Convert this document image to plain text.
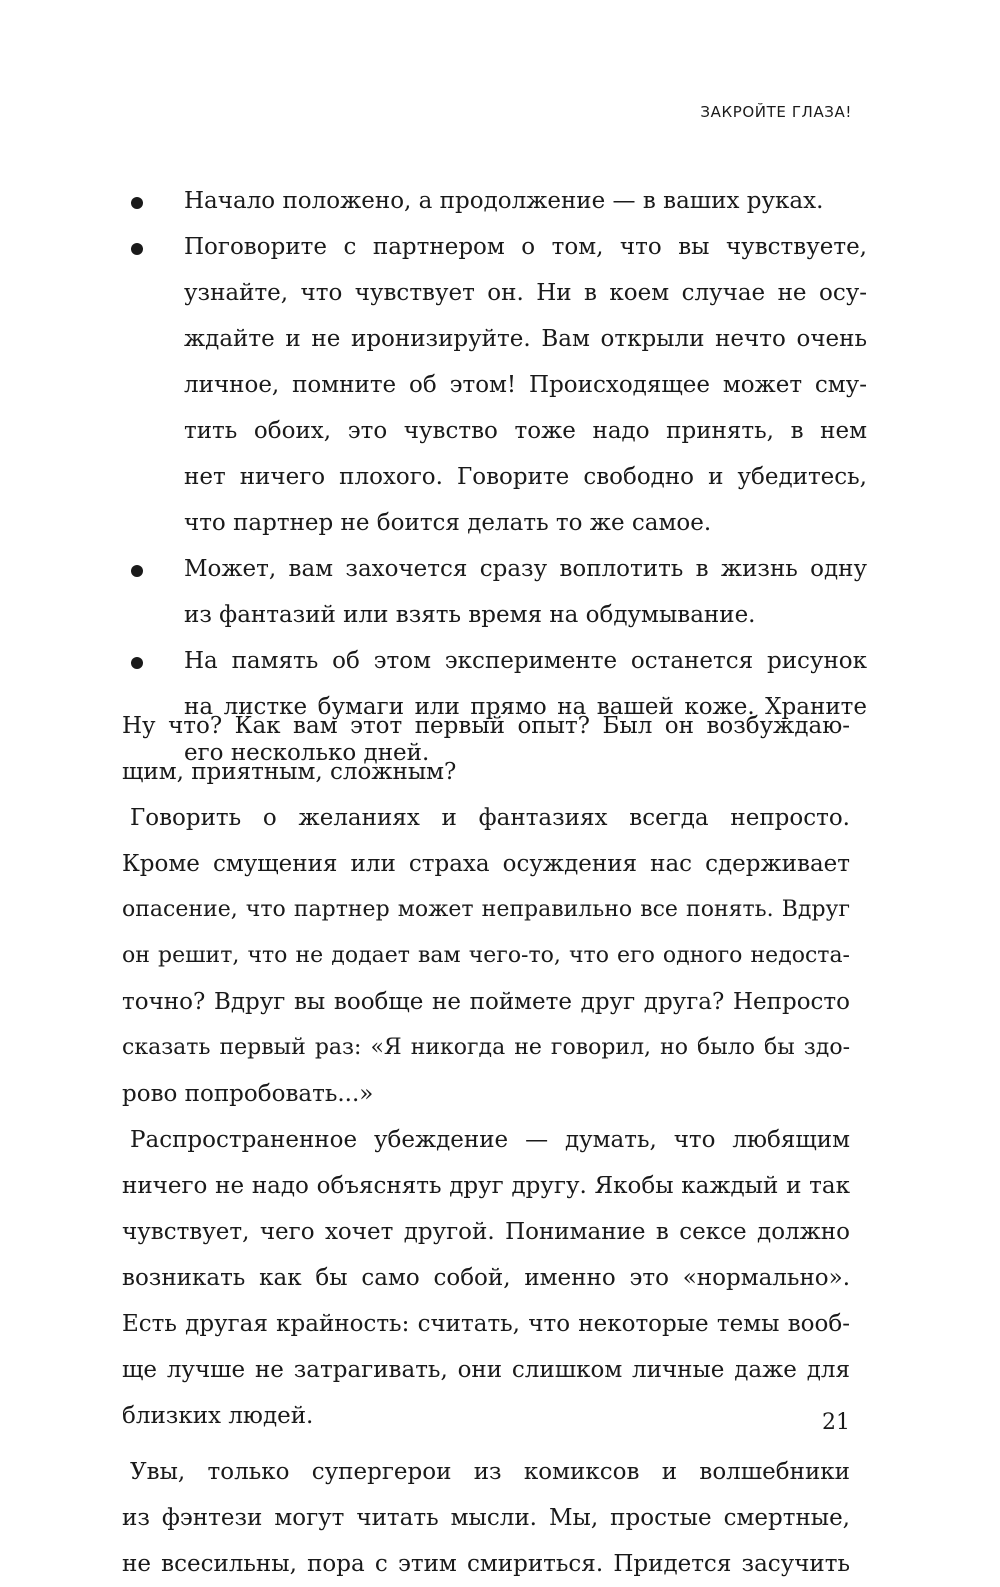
ЗАКРОЙТЕ ГЛАЗА!
Начало положено, а продолжение — в ваших руках.
Поговорите с партнером о том, что вы чувствуете,
узнайте, что чувствует он. Ни в коем случае не осу-
ждайте и не иронизируйте. Вам открыли нечто очень
личное, помните об этом! Происходящее может сму-
тить обоих, это чувство тоже надо принять, в нем
нет ничего плохого. Говорите свободно и убедитесь,
что партнер не боится делать то же самое.
Может, вам захочется сразу воплотить в жизнь одну
из фантазий или взять время на обдумывание.
На память об этом эксперименте останется рисунок
на листке бумаги или прямо на вашей коже. Храните
его несколько дней.
Ну что? Как вам этот первый опыт? Был он возбуждаю-
щим, приятным, сложным?
Говорить о желаниях и фантазиях всегда непросто.
Кроме смущения или страха осуждения нас сдерживает
опасение, что партнер может неправильно все понять. Вдруг
он решит, что не додает вам чего-то, что его одного недоста-
точно? Вдруг вы вообще не поймете друг друга? Непросто
сказать первый раз: «Я никогда не говорил, но было бы здо-
рово попробовать...»
Распространенное убеждение — думать, что любящим
ничего не надо объяснять друг другу. Якобы каждый и так
чувствует, чего хочет другой. Понимание в сексе должно
возникать как бы само собой, именно это «нормально».
Есть другая крайность: считать, что некоторые темы вооб-
ще лучше не затрагивать, они слишком личные даже для
близких людей.
Увы, только супергерои из комиксов и волшебники
из фэнтези могут читать мысли. Мы, простые смертные,
не всесильны, пора с этим смириться. Придется засучить
21
